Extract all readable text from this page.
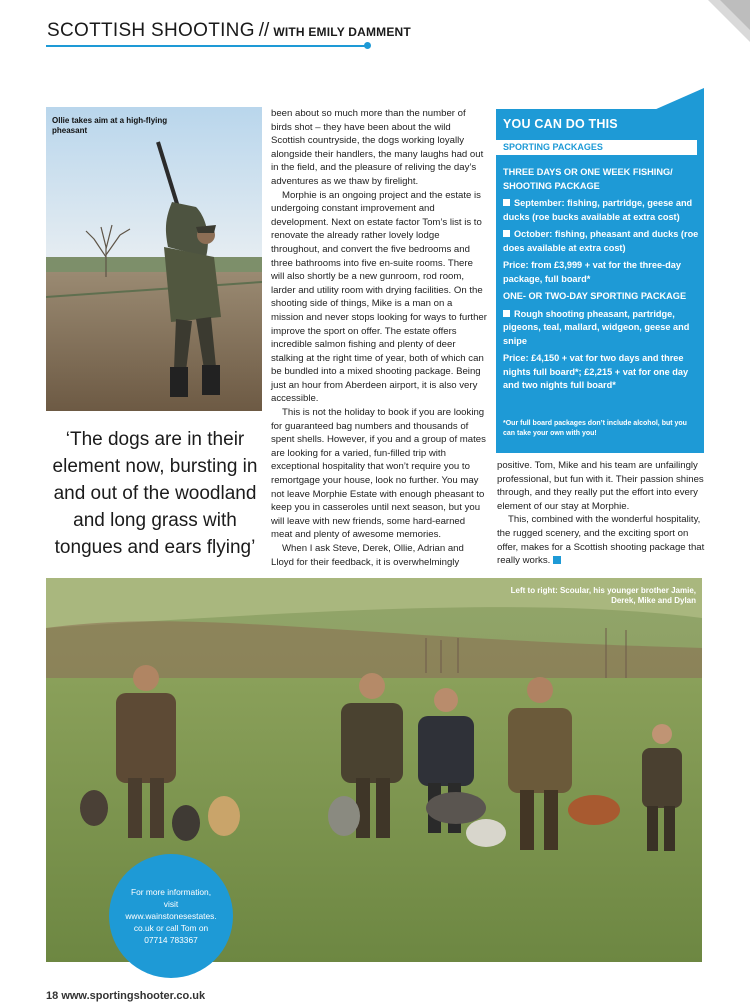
SCOTTISH SHOOTING // WITH EMILY DAMMENT
Ollie takes aim at a high-flying pheasant
‘The dogs are in their element now, bursting in and out of the woodland and long grass with tongues and ears flying’

been about so much more than the number of birds shot – they have been about the wild Scottish countryside, the dogs working loyally alongside their handlers, the many laughs had out in the field, and the pleasure of reliving the day’s adventures as we thaw by firelight.

Morphie is an ongoing project and the estate is undergoing constant improvement and development. Next on estate factor Tom’s list is to renovate the already rather lovely lodge throughout, and convert the five bedrooms and three bathrooms into five en-suite rooms. There will also shortly be a new gunroom, rod room, larder and utility room with drying facilities. On the shooting side of things, Mike is a man on a mission and never stops looking for ways to further improve the sport on offer. The estate offers incredible salmon fishing and plenty of deer stalking at the right time of year, both of which can be bundled into a mixed shooting package. Being just an hour from Aberdeen airport, it is also very accessible.

This is not the holiday to book if you are looking for guaranteed bag numbers and thousands of spent shells. However, if you and a group of mates are looking for a varied, fun-filled trip with exceptional hospitality that won’t require you to remortgage your house, look no further. You may not leave Morphie Estate with enough pheasant to keep you in casseroles until next season, but you will leave with new friends, some hard-earned meat and plenty of awesome memories.

When I ask Steve, Derek, Ollie, Adrian and Lloyd for their feedback, it is overwhelmingly

YOU CAN DO THIS
SPORTING PACKAGES

THREE DAYS OR ONE WEEK FISHING/ SHOOTING PACKAGE

September: fishing, partridge, geese and ducks (roe bucks available at extra cost)

October: fishing, pheasant and ducks (roe does available at extra cost)

Price: from £3,999 + vat for the three-day package, full board*

ONE- OR TWO-DAY SPORTING PACKAGE

Rough shooting pheasant, partridge, pigeons, teal, mallard, widgeon, geese and snipe

Price: £4,150 + vat for two days and three nights full board*; £2,215 + vat for one day and two nights full board*

*Our full board packages don’t include alcohol, but you can take your own with you!

positive. Tom, Mike and his team are unfailingly professional, but fun with it. Their passion shines through, and they really put the effort into every element of our stay at Morphie.

This, combined with the wonderful hospitality, the rugged scenery, and the exciting sport on offer, makes for a Scottish shooting package that really works.

Left to right: Scoular, his younger brother Jamie, Derek, Mike and Dylan
For more information, visit www.wainstonesestates. co.uk or call Tom on 07714 783367
18 www.sportingshooter.co.uk
